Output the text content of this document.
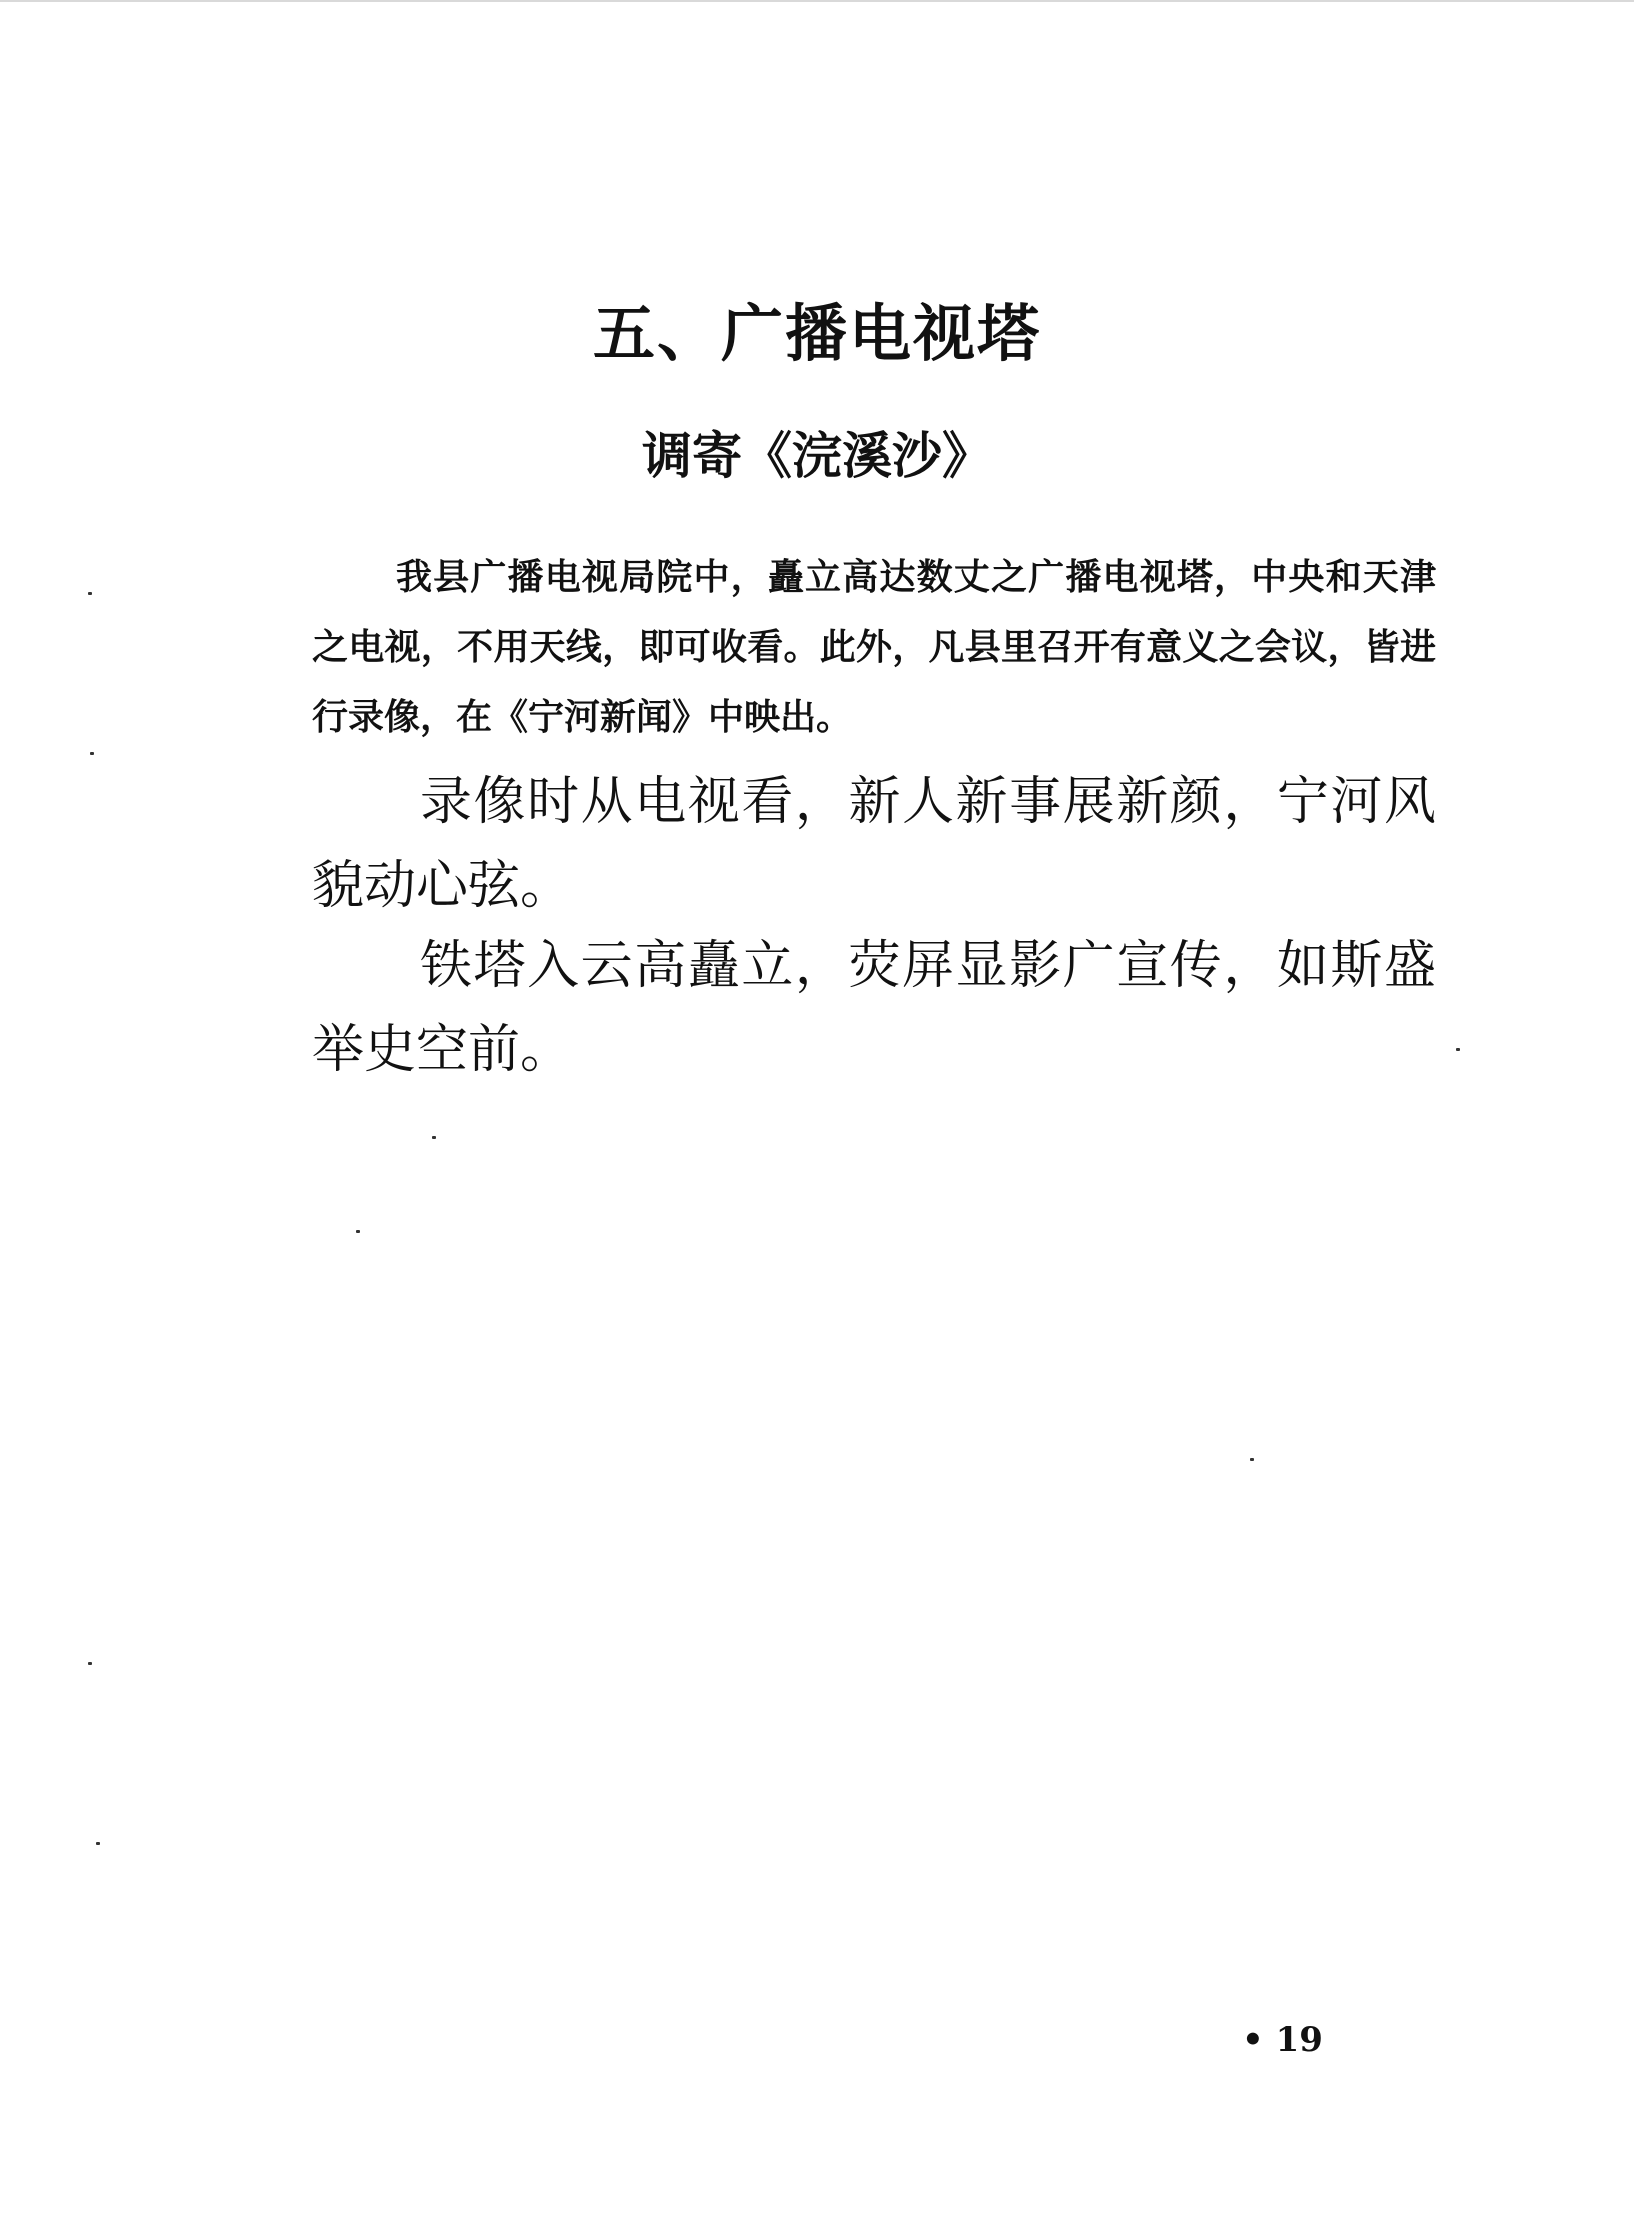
五、广播电视塔
调寄《浣溪沙》

我县广播电视局院中，矗立高达数丈之广播电视塔，中央和天津之电视，不用天线，即可收看。此外，凡县里召开有意义之会议，皆进行录像，在《宁河新闻》中映出。

录像时从电视看，新人新事展新颜，宁河风貌动心弦。

铁塔入云高矗立，荧屏显影广宣传，如斯盛举史空前。

• 19
